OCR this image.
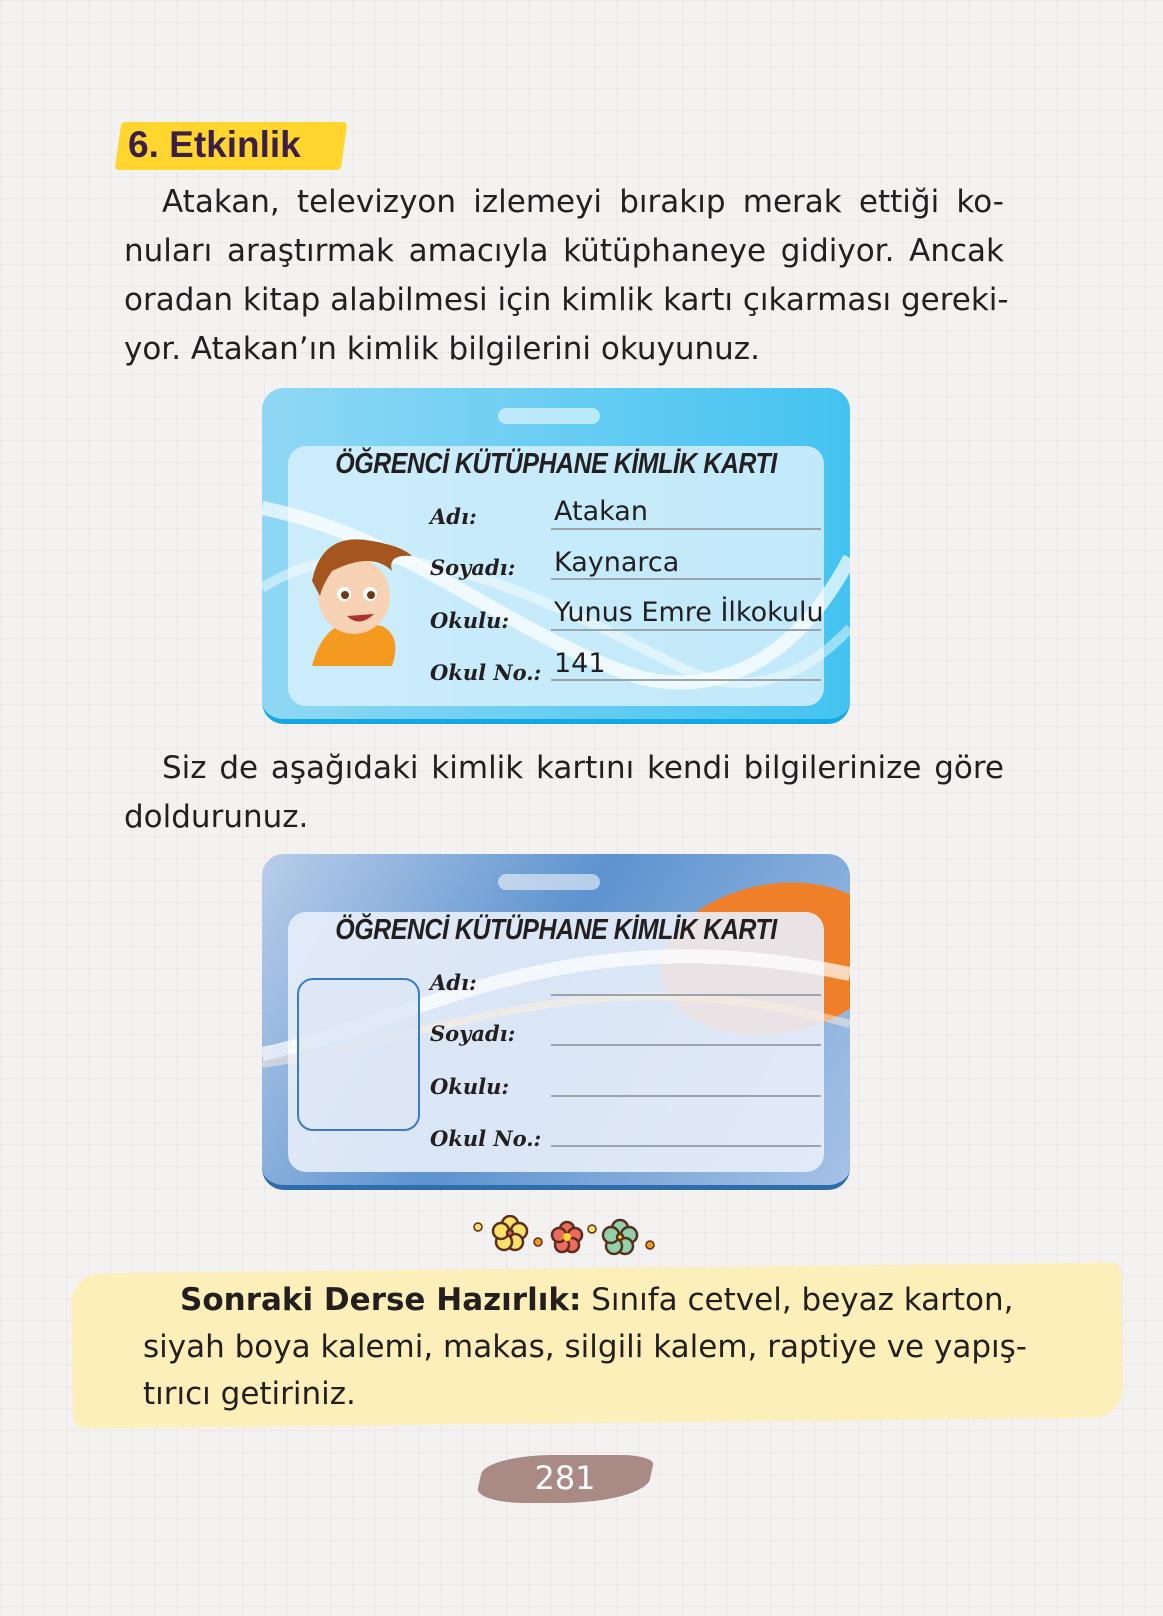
6. Etkinlik
Atakan, televizyon izlemeyi bırakıp merak ettiği ko-
nuları araştırmak amacıyla kütüphaneye gidiyor. Ancak
oradan kitap alabilmesi için kimlik kartı çıkarması gereki-
yor. Atakan’ın kimlik bilgilerini okuyunuz.
ÖĞRENCİ KÜTÜPHANE KİMLİK KARTI
Adı:	Atakan
Soyadı: Kaynarca
Okulu: Yunus Emre İlkokulu
Okul No.: 141
Siz de aşağıdaki kimlik kartını kendi bilgilerinize göre
doldurunuz.
ÖĞRENCİ KÜTÜPHANE KİMLİK KARTI
Adı:
Soyadı:
Okulu:
Okul No.:
Sonraki Derse Hazırlık: Sınıfa cetvel, beyaz karton,
siyah boya kalemi, makas, silgili kalem, raptiye ve yapış-
tırıcı getiriniz.
281
